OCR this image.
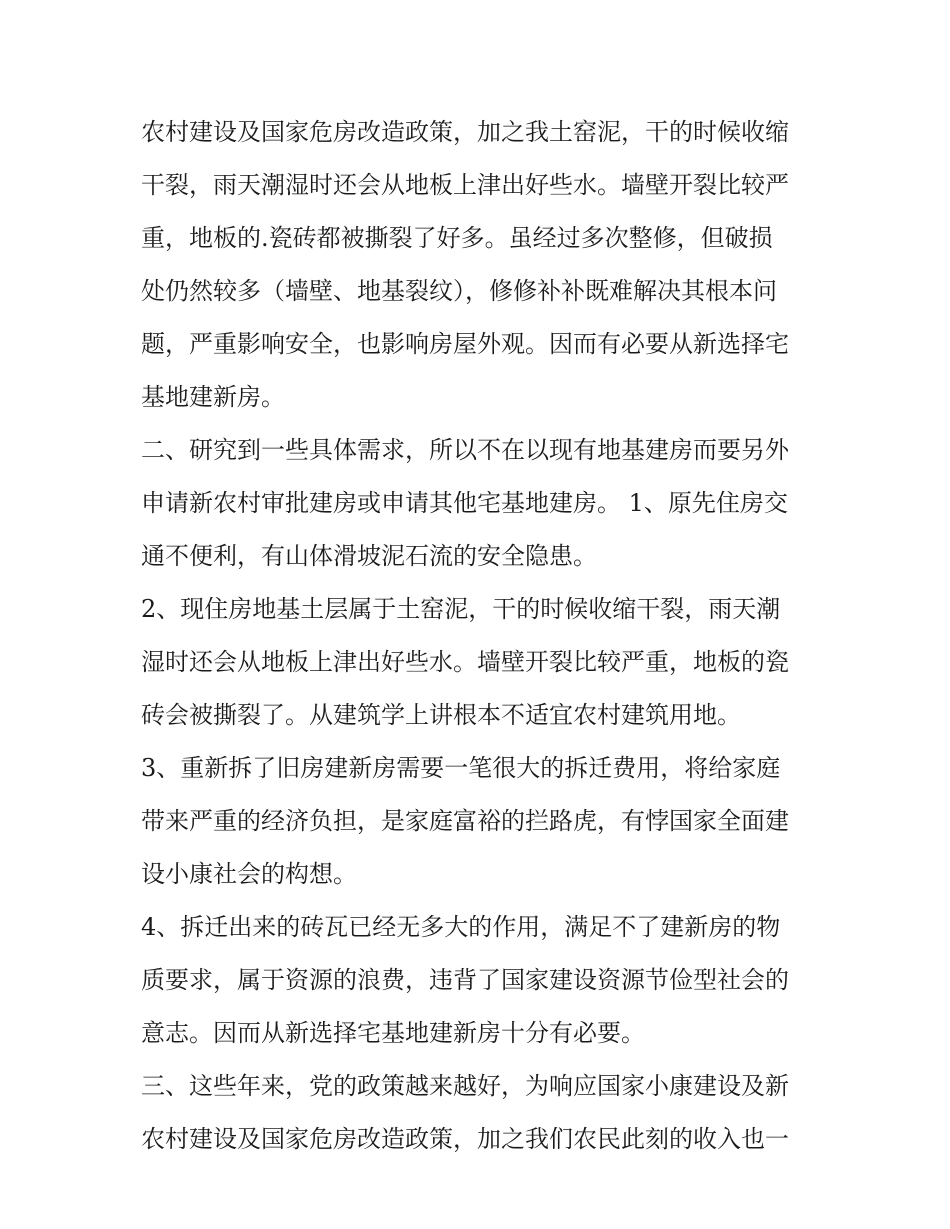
农村建设及国家危房改造政策，加之我土窑泥，干的时候收缩
干裂，雨天潮湿时还会从地板上津出好些水。墙壁开裂比较严
重，地板的.瓷砖都被撕裂了好多。虽经过多次整修，但破损
处仍然较多（墙壁、地基裂纹），修修补补既难解决其根本问
题，严重影响安全，也影响房屋外观。因而有必要从新选择宅
基地建新房。
二、研究到一些具体需求，所以不在以现有地基建房而要另外
申请新农村审批建房或申请其他宅基地建房。 1、原先住房交
通不便利，有山体滑坡泥石流的安全隐患。
2、现住房地基土层属于土窑泥，干的时候收缩干裂，雨天潮
湿时还会从地板上津出好些水。墙壁开裂比较严重，地板的瓷
砖会被撕裂了。从建筑学上讲根本不适宜农村建筑用地。
3、重新拆了旧房建新房需要一笔很大的拆迁费用，将给家庭
带来严重的经济负担，是家庭富裕的拦路虎，有悖国家全面建
设小康社会的构想。
4、拆迁出来的砖瓦已经无多大的作用，满足不了建新房的物
质要求，属于资源的浪费，违背了国家建设资源节俭型社会的
意志。因而从新选择宅基地建新房十分有必要。
三、这些年来，党的政策越来越好，为响应国家小康建设及新
农村建设及国家危房改造政策，加之我们农民此刻的收入也一
